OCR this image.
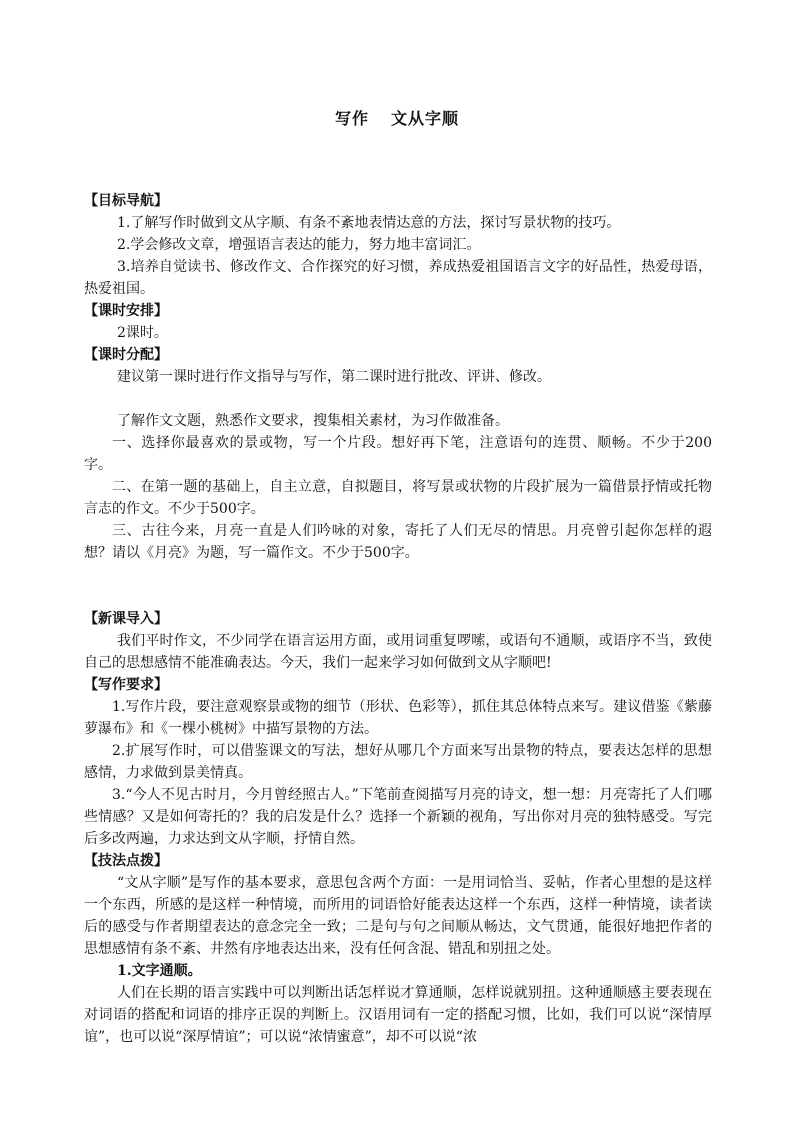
写作 文从字顺

【目标导航】

1.了解写作时做到文从字顺、有条不紊地表情达意的方法，探讨写景状物的技巧。

2.学会修改文章，增强语言表达的能力，努力地丰富词汇。

3.培养自觉读书、修改作文、合作探究的好习惯，养成热爱祖国语言文字的好品性，热爱母语，热爱祖国。

【课时安排】

2课时。

【课时分配】

建议第一课时进行作文指导与写作，第二课时进行批改、评讲、修改。

了解作文文题，熟悉作文要求，搜集相关素材，为习作做准备。

一、选择你最喜欢的景或物，写一个片段。想好再下笔，注意语句的连贯、顺畅。不少于200字。

二、在第一题的基础上，自主立意，自拟题目，将写景或状物的片段扩展为一篇借景抒情或托物言志的作文。不少于500字。

三、古往今来，月亮一直是人们吟咏的对象，寄托了人们无尽的情思。月亮曾引起你怎样的遐想？请以《月亮》为题，写一篇作文。不少于500字。

【新课导入】

我们平时作文，不少同学在语言运用方面，或用词重复啰嗦，或语句不通顺，或语序不当，致使自己的思想感情不能准确表达。今天，我们一起来学习如何做到文从字顺吧!

【写作要求】

1.写作片段，要注意观察景或物的细节（形状、色彩等），抓住其总体特点来写。建议借鉴《紫藤萝瀑布》和《一棵小桃树》中描写景物的方法。

2.扩展写作时，可以借鉴课文的写法，想好从哪几个方面来写出景物的特点，要表达怎样的思想感情，力求做到景美情真。

3.“今人不见古时月，今月曾经照古人。”下笔前查阅描写月亮的诗文，想一想：月亮寄托了人们哪些情感？又是如何寄托的？我的启发是什么？选择一个新颖的视角，写出你对月亮的独特感受。写完后多改两遍，力求达到文从字顺，抒情自然。

【技法点拨】

“文从字顺”是写作的基本要求，意思包含两个方面：一是用词恰当、妥帖，作者心里想的是这样一个东西，所感的是这样一种情境，而所用的词语恰好能表达这样一个东西，这样一种情境，读者读后的感受与作者期望表达的意念完全一致；二是句与句之间顺从畅达，文气贯通，能很好地把作者的思想感情有条不紊、井然有序地表达出来，没有任何含混、错乱和别扭之处。

1.文字通顺。

人们在长期的语言实践中可以判断出话怎样说才算通顺，怎样说就别扭。这种通顺感主要表现在对词语的搭配和词语的排序正误的判断上。汉语用词有一定的搭配习惯，比如，我们可以说“深情厚谊”，也可以说“深厚情谊”；可以说“浓情蜜意”，却不可以说“浓
